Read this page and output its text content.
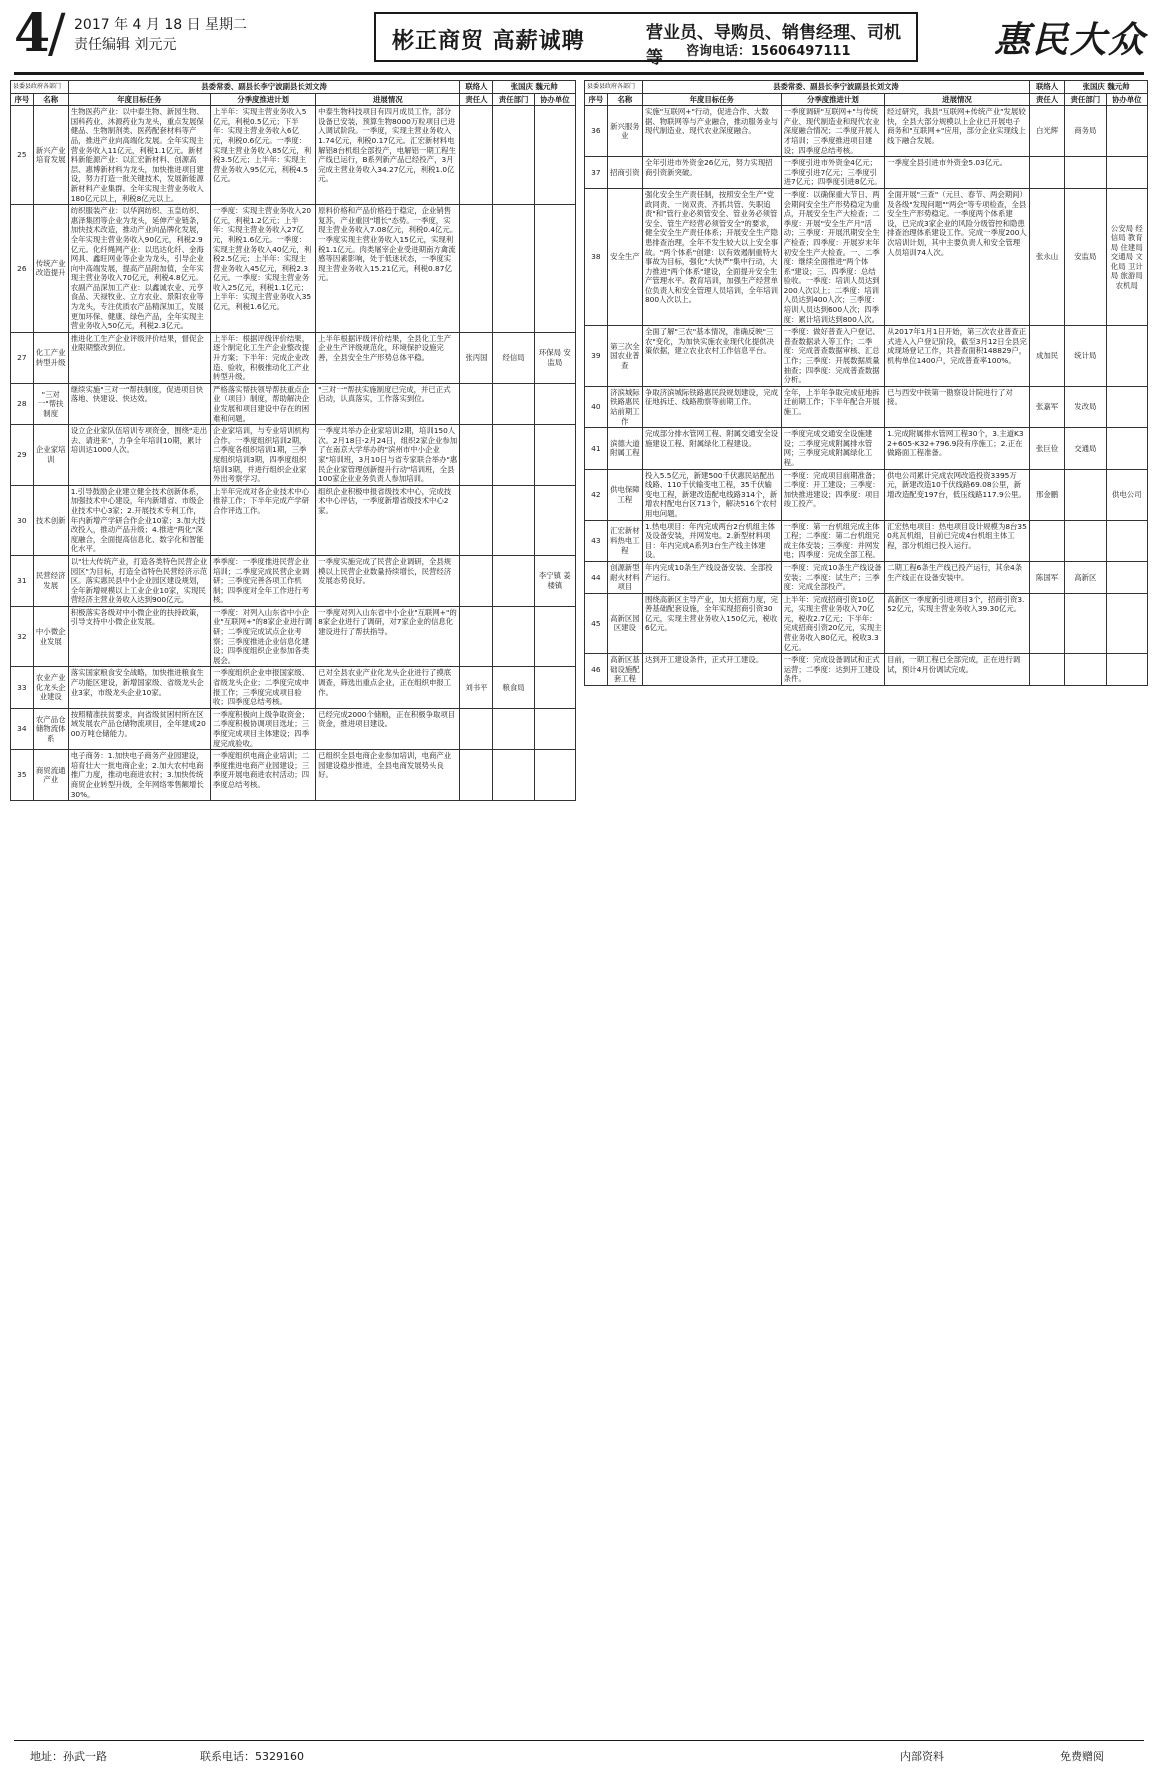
4
/ 2017 年 4 月 18 日 星期二
责任编辑 刘元元	彬正商贸 高薪诚聘	营业员、导购员、销售经理、司机等	咨询电话：15606497111	惠民大众
县委县政府各部门		县委常委、副县长李宁波副县长刘文涛			联络人	张国庆 魏元帅	
序号	名称	年度目标任务	分季度推进计划	进展情况	责任人	责任部门	协办单位
25	新兴产业培育发展	生物医药产业：以中泰生物、新园生物、国科药业、沐源药业为龙头，重点发展保健品、生物制剂类、医药配套材料等产品，推进产业向高端化发展。全年实现主营业务收入11亿元，利税1.1亿元。新材料新能源产业：以汇宏新材料、创源高层、惠博新材料为龙头，加快推进项目建设，努力打造一批关键技术，发展新能源新材料产业集群。全年实现主营业务收入180亿元以上，利税8亿元以上。	上半年：实现主营业务收入5亿元，利税0.5亿元；下半年：实现主营业务收入6亿元，利税0.6亿元。一季度：实现主营业务收入85亿元，利税3.5亿元；上半年：实现主营业务收入95亿元，利税4.5亿元。	中泰生物科技项目有四月成员工作，部分设备已安装，预算生物8000万粒项目已进入调试阶段。一季度，实现主营业务收入1.74亿元，利税0.17亿元。汇宏新材料电解铝8台机组全部投产，电解铝一期工程生产线已运行，B系列新产品已经投产，3月完成主营业务收入34.27亿元，利税1.0亿元。			
26	传统产业改造提升	纺织服装产业：以华润纺织、玉皇纺织、惠泽集团等企业为龙头，延伸产业链条，加快技术改造，推动产业向品牌化发展，全年实现主营业务收入90亿元，利税2.9亿元。化纤绳网产业：以迅达化纤、金海网具、鑫旺网业等企业为龙头，引导企业向中高端发展，提高产品附加值，全年实现主营业务收入70亿元，利税4.8亿元。农副产品深加工产业：以鑫诚农业、元亨食品、天禄牧业、立方农业、景阳农业等为龙头，专注优质农产品精深加工，发展更加环保、健康、绿色产品，全年实现主营业务收入50亿元，利税2.3亿元。	一季度：实现主营业务收入20亿元，利税1.2亿元；上半年：实现主营业务收入27亿元，利税1.6亿元。一季度：实现主营业务收入40亿元，利税2.5亿元；上半年：实现主营业务收入45亿元，利税2.3亿元。一季度：实现主营业务收入25亿元，利税1.1亿元；上半年：实现主营业务收入35亿元，利税1.6亿元。	原料价格和产品价格趋于稳定，企业销售复苏，产业重回"增长"态势。一季度，实现主营业务收入7.08亿元，利税0.4亿元。一季度实现主营业务收入15亿元，实现利税1.1亿元。肉类屠宰企业受进期南方禽流感等因素影响，处于低迷状态，一季度实现主营业务收入15.21亿元，利税0.87亿元。			
27	化工产业转型升级	推进化工生产企业评级评价结果，督促企业限期整改到位。	上半年：根据评级评价结果，逐个制定化工生产企业整改提升方案；下半年：完成企业改造、验收，积极推动化工产业转型升级。	上半年根据评级评价结果，全县化工生产企业生产评级规范化，环境保护设施完善，全县安全生产形势总体平稳。	张丙国	经信局	环保局 安监局
28	"三对一"帮扶制度	继续实施"三对一"帮扶制度，促进项目快落地、快建设、快达效。	严格落实帮扶领导帮扶重点企业（项目）制度，帮助解决企业发展和项目建设中存在的困难和问题。	"三对一"帮扶实施制度已完成，并已正式启动，认真落实，工作落实到位。			
29	企业家培训	设立企业家队伍培训专项资金，围绕"走出去、请进来"，力争全年培训10期，累计培训达1000人次。	企业家培训，与专业培训机构合作。一季度组织培训2期，二季度各组织培训1期，三季度组织培训3期，四季度组织培训3期，并进行组织企业家外出考察学习。	一季度共举办企业家培训2期，培训150人次。2月18日-2月24日，组织2家企业参加了在南京大学举办的"滨州市中小企业家"培训班，3月10日与省专家联合举办"惠民企业家管理创新提升行动"培训班，全县100家企业业务负责人参加培训。			
30	技术创新	1.引导鼓励企业建立健全技术创新体系，加强技术中心建设，年内新增省、市级企业技术中心3家；2.开展技术专利工作，年内新增产学研合作企业10家；3.加大技改投入，推动产品升级；4.推进"两化"深度融合，全面提高信息化、数字化和智能化水平。	上半年完成对各企业技术中心推荐工作；下半年完成产学研合作评选工作。	组织企业积极申报省级技术中心，完成技术中心评估，一季度新增省级技术中心2家。			
31	民营经济发展	以"壮大传统产业，打造各类特色民营企业园区"为目标，打造全省特色民营经济示范区。落实惠民县中小企业园区建设规划，全年新增规模以上工业企业10家，实现民营经济主营业务收入达到900亿元。	季季度：一季度推进民营企业培训；二季度完成民营企业调研；三季度完善各项工作机制；四季度对全年工作进行考核。	一季度实施完成了民营企业调研，全县规模以上民营企业数量持续增长，民营经济发展态势良好。			李宁镇 姜楼镇
32	中小微企业发展	积极落实各级对中小微企业的扶持政策，引导支持中小微企业发展。	一季度：对列入山东省中小企业"互联网+"的8家企业进行调研；二季度完成试点企业考察；三季度推进企业信息化建设；四季度组织企业参加各类展会。	一季度对列入山东省中小企业"互联网+"的8家企业进行了调研，对7家企业的信息化建设进行了帮扶指导。			
33	农业产业化龙头企业建设	落实国家粮食安全战略，加快推进粮食生产功能区建设，新增国家级、省级龙头企业3家，市级龙头企业10家。	一季度组织企业申报国家级、省级龙头企业；二季度完成申报工作；三季度完成项目验收；四季度总结考核。	已对全县农业产业化龙头企业进行了摸底调查，筛选出重点企业，正在组织申报工作。	刘书平	粮食局	
34	农产品仓储物流体系	按照精准扶贫要求，向省级贫困村所在区域发展农产品仓储物流项目，全年建成2000万吨仓储能力。	一季度积极向上级争取资金；二季度积极协调项目选址；三季度完成项目主体建设；四季度完成验收。	已经完成2000个储粮，正在积极争取项目资金，推进项目建设。			
35	商贸流通产业	电子商务：1.加快电子商务产业园建设，培育壮大一批电商企业；2.加大农村电商推广力度，推动电商进农村；3.加快传统商贸企业转型升级，全年网络零售额增长30%。	一季度组织电商企业培训；二季度推进电商产业园建设；三季度开展电商进农村活动；四季度总结考核。	已组织全县电商企业参加培训，电商产业园建设稳步推进，全县电商发展势头良好。			
县委县政府各部门		县委常委、副县长李宁波副县长刘文涛			联络人	张国庆 魏元帅	
序号	名称	年度目标任务	分季度推进计划	进展情况	责任人	责任部门	协办单位
36	新兴服务业	实施"互联网+"行动，促进合作、大数据、物联网等与产业融合，推动服务业与现代制造业、现代农业深度融合。	一季度调研"互联网+"与传统产业、现代制造业和现代农业深度融合情况；二季度开展人才培训；三季度推进项目建设；四季度总结考核。	经过研究，我县"互联网+传统产业"发展较快，全县大部分规模以上企业已开展电子商务和"互联网+"应用，部分企业实现线上线下融合发展。	白光辉	商务局	
37	招商引资	全年引进市外资金26亿元，努力实现招商引资新突破。	一季度引进市外资金4亿元；二季度引进7亿元；三季度引进7亿元；四季度引进8亿元。	一季度全县引进市外资金5.03亿元。			
38	安全生产	强化安全生产责任制，按照安全生产"党政同责、一岗双责、齐抓共管、失职追责"和"管行业必须管安全、管业务必须管安全、管生产经营必须管安全"的要求，健全安全生产责任体系；开展安全生产隐患排查治理，全年不发生较大以上安全事故。"两个体系"创建：以有效遏制重特大事故为目标，强化"大快严"集中行动，大力推进"两个体系"建设，全面提升安全生产管理水平。教育培训，加强生产经营单位负责人和安全管理人员培训，全年培训800人次以上。	一季度：以确保重大节日、两会期间安全生产形势稳定为重点，开展安全生产大检查；二季度：开展"安全生产月"活动；三季度：开展汛期安全生产检查；四季度：开展岁末年初安全生产大检查。一、二季度：继续全面推进"两个体系"建设；三、四季度：总结验收。一季度：培训人员达到200人次以上；二季度：培训人员达到400人次；三季度：培训人员达到600人次；四季度：累计培训达到800人次。	全面开展"三查"（元旦、春节、两会期间）及各级"发现问题""两会"等专项检查，全县安全生产形势稳定。一季度两个体系建设，已完成3家企业的风险分级管控和隐患排查治理体系建设工作。完成一季度200人次培训计划，其中主要负责人和安全管理人员培训74人次。	张永山	安监局	公安局 经信局 教育局 住建局 交通局 文化局 卫计局 旅游局 农机局
39	第三次全国农业普查	全面了解"三农"基本情况，准确反映"三农"变化，为加快实施农业现代化提供决策依据，建立农业农村工作信息平台。	一季度：做好普查入户登记、普查数据录入等工作；二季度：完成普查数据审核、汇总工作；三季度：开展数据质量抽查；四季度：完成普查数据分析。	从2017年1月1日开始，第三次农业普查正式进入入户登记阶段，截至3月12日全县完成现场登记工作，共普查面积148829户，机构单位1400户，完成普查率100%。	成加民	统计局	
40	济滨城际铁路惠民站前期工作	争取济滨城际铁路惠民段规划建设，完成征地拆迁、线路勘察等前期工作。	全年，上半年争取完成征地拆迁前期工作；下半年配合开展施工。	已与西安中铁第一勘察设计院进行了对接。	张嘉军	发改局	
41	滨德大道附属工程	完成部分排水管网工程、附属交通安全设施建设工程、附属绿化工程建设。	一季度完成交通安全设施建设；二季度完成附属排水管网；三季度完成附属绿化工程。	1.完成附属排水管网工程30个，3.主道K32+605-K32+796.9段有序施工；2.正在做路面工程准备。	张巨俭	交通局	
42	供电保障工程	投入5.5亿元，新建500千伏惠民站配出线路、110千伏输变电工程，35千伏输变电工程，新建改造配电线路314个，新增农村配电台区713个，解决516个农村用电问题。	一季度：完成项目前期准备；二季度：开工建设；三季度：加快推进建设；四季度：项目竣工投产。	供电公司累计完成农网改造投资3395万元，新建改造10千伏线路69.08公里，新增改造配变197台，低压线路117.9公里。	邢金鹏		供电公司
43	汇宏新材料热电工程	1.热电项目：年内完成两台2台机组主体及设备安装，并网发电。2.新型材料项目：年内完成A系列3台生产线主体建设。	一季度：第一台机组完成主体工程；二季度：第二台机组完成主体安装；三季度：并网发电；四季度：完成全部工程。	汇宏热电项目：热电项目设计规模为8台350兆瓦机组，目前已完成4台机组主体工程，部分机组已投入运行。			
44	创源新型耐火材料项目	年内完成10条生产线设备安装、全部投产运行。	一季度：完成10条生产线设备安装；二季度：试生产；三季度：完成全部投产。	二期工程6条生产线已投产运行，其余4条生产线正在设备安装中。	陈国军	高新区	
45	高新区园区建设	围绕高新区主导产业，加大招商力度，完善基础配套设施，全年实现招商引资30亿元，实现主营业务收入150亿元，税收6亿元。	上半年：完成招商引资10亿元，实现主营业务收入70亿元，税收2.7亿元；下半年：完成招商引资20亿元，实现主营业务收入80亿元，税收3.3亿元。	高新区一季度新引进项目3个，招商引资3.52亿元，实现主营业务收入39.30亿元。			
46	高新区基础设施配套工程	达到开工建设条件，正式开工建设。	一季度：完成设备调试和正式运营；二季度：达到开工建设条件。	目前，一期工程已全部完成，正在进行调试，预计4月份调试完成。			
地址：孙武一路	联系电话：5329160	内部资料	免费赠阅
